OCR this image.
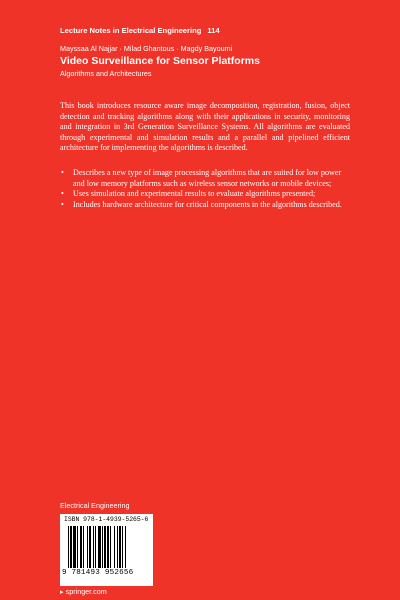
Lecture Notes in Electrical Engineering 114
Mayssaa Al Najjar · Milad Ghantous · Magdy Bayoumi
Video Surveillance for Sensor Platforms
Algorithms and Architectures

This book introduces resource aware image decomposition, registration, fusion, object detection and tracking algorithms along with their applications in security, monitoring and integration in 3rd Generation Surveillance Systems. All algorithms are evaluated through experimental and simulation results and a parallel and pipelined efficient architecture for implementing the algorithms is described.

• Describes a new type of image processing algorithms that are suited for low power and low memory platforms such as wireless sensor networks or mobile devices;
• Uses simulation and experimental results to evaluate algorithms presented;
• Includes hardware architecture for critical components in the algorithms described.
Electrical Engineering
ISBN 978-1-4939-5265-6
9 781493 952656
▸ springer.com
